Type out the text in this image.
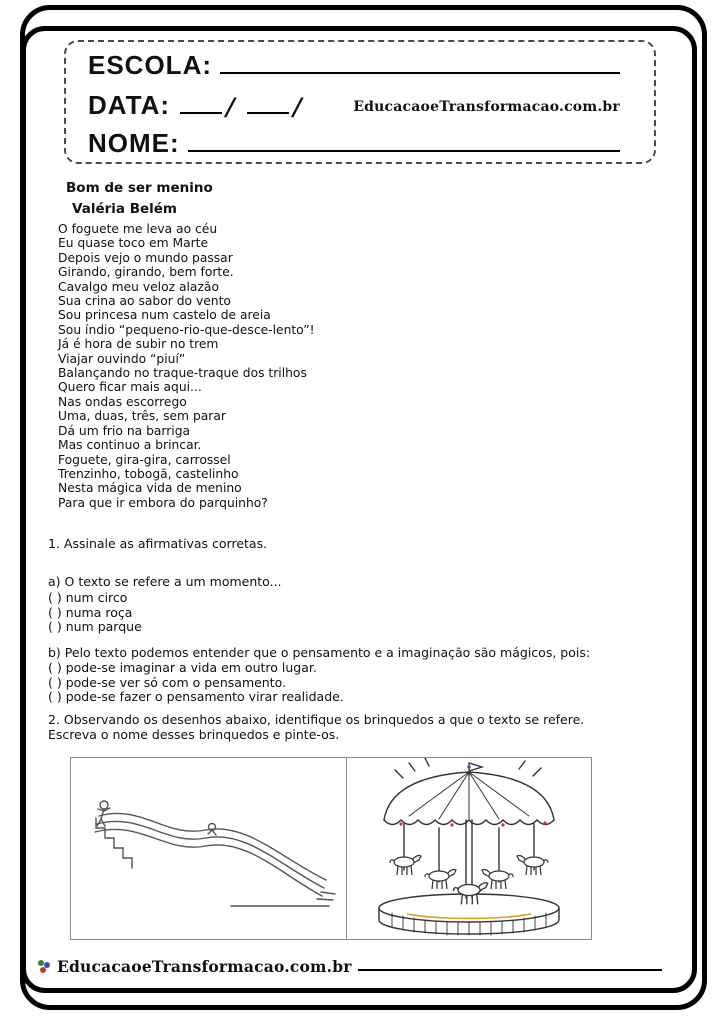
ESCOLA:
DATA: / /	EducacaoeTransformacao.com.br
NOME:
Bom de ser menino
Valéria Belém
O foguete me leva ao céu
Eu quase toco em Marte
Depois vejo o mundo passar
Girando, girando, bem forte.
Cavalgo meu veloz alazão
Sua crina ao sabor do vento
Sou princesa num castelo de areia
Sou índio “pequeno-rio-que-desce-lento”!
Já é hora de subir no trem
Viajar ouvindo “piuí”
Balançando no traque-traque dos trilhos
Quero ficar mais aqui...
Nas ondas escorrego
Uma, duas, três, sem parar
Dá um frio na barriga
Mas continuo a brincar.
Foguete, gira-gira, carrossel
Trenzinho, tobogã, castelinho
Nesta mágica vida de menino
Para que ir embora do parquinho?
1. Assinale as afirmativas corretas.
a) O texto se refere a um momento...
( ) num circo
( ) numa roça
( ) num parque
b) Pelo texto podemos entender que o pensamento e a imaginação são mágicos, pois:
( ) pode-se imaginar a vida em outro lugar.
( ) pode-se ver só com o pensamento.
( ) pode-se fazer o pensamento virar realidade.
2. Observando os desenhos abaixo, identifique os brinquedos a que o texto se refere.
Escreva o nome desses brinquedos e pinte-os.
EducacaoeTransformacao.com.br
